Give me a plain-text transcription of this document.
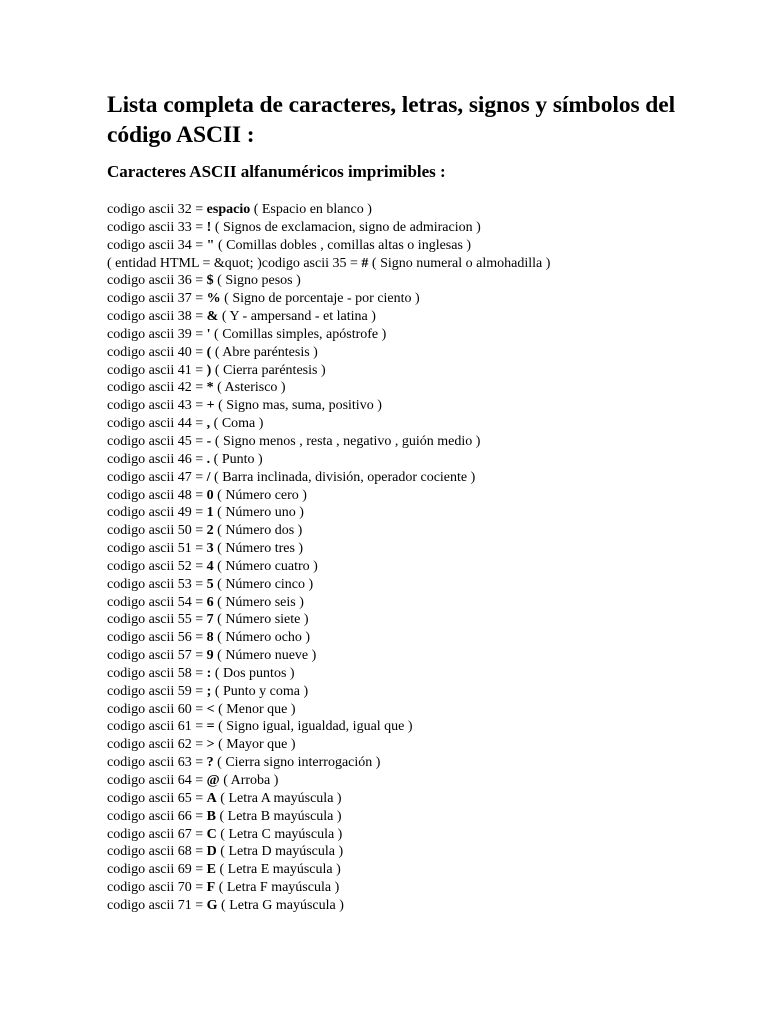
Lista completa de caracteres, letras, signos y símbolos del código ASCII :
Caracteres ASCII alfanuméricos imprimibles :
codigo ascii 32 = espacio ( Espacio en blanco )
codigo ascii 33 = ! ( Signos de exclamacion, signo de admiracion )
codigo ascii 34 = " ( Comillas dobles , comillas altas o inglesas )
( entidad HTML = &quot; )codigo ascii 35 = # ( Signo numeral o almohadilla )
codigo ascii 36 = $ ( Signo pesos )
codigo ascii 37 = % ( Signo de porcentaje - por ciento )
codigo ascii 38 = & ( Y - ampersand - et latina )
codigo ascii 39 = ' ( Comillas simples, apóstrofe )
codigo ascii 40 = ( ( Abre paréntesis )
codigo ascii 41 = ) ( Cierra paréntesis )
codigo ascii 42 = * ( Asterisco )
codigo ascii 43 = + ( Signo mas, suma, positivo )
codigo ascii 44 = , ( Coma )
codigo ascii 45 = - ( Signo menos , resta , negativo , guión medio )
codigo ascii 46 = . ( Punto )
codigo ascii 47 = / ( Barra inclinada, división, operador cociente )
codigo ascii 48 = 0 ( Número cero )
codigo ascii 49 = 1 ( Número uno )
codigo ascii 50 = 2 ( Número dos )
codigo ascii 51 = 3 ( Número tres )
codigo ascii 52 = 4 ( Número cuatro )
codigo ascii 53 = 5 ( Número cinco )
codigo ascii 54 = 6 ( Número seis )
codigo ascii 55 = 7 ( Número siete )
codigo ascii 56 = 8 ( Número ocho )
codigo ascii 57 = 9 ( Número nueve )
codigo ascii 58 = : ( Dos puntos )
codigo ascii 59 = ; ( Punto y coma )
codigo ascii 60 = < ( Menor que )
codigo ascii 61 = = ( Signo igual, igualdad, igual que )
codigo ascii 62 = > ( Mayor que )
codigo ascii 63 = ? ( Cierra signo interrogación )
codigo ascii 64 = @ ( Arroba )
codigo ascii 65 = A ( Letra A mayúscula )
codigo ascii 66 = B ( Letra B mayúscula )
codigo ascii 67 = C ( Letra C mayúscula )
codigo ascii 68 = D ( Letra D mayúscula )
codigo ascii 69 = E ( Letra E mayúscula )
codigo ascii 70 = F ( Letra F mayúscula )
codigo ascii 71 = G ( Letra G mayúscula )
